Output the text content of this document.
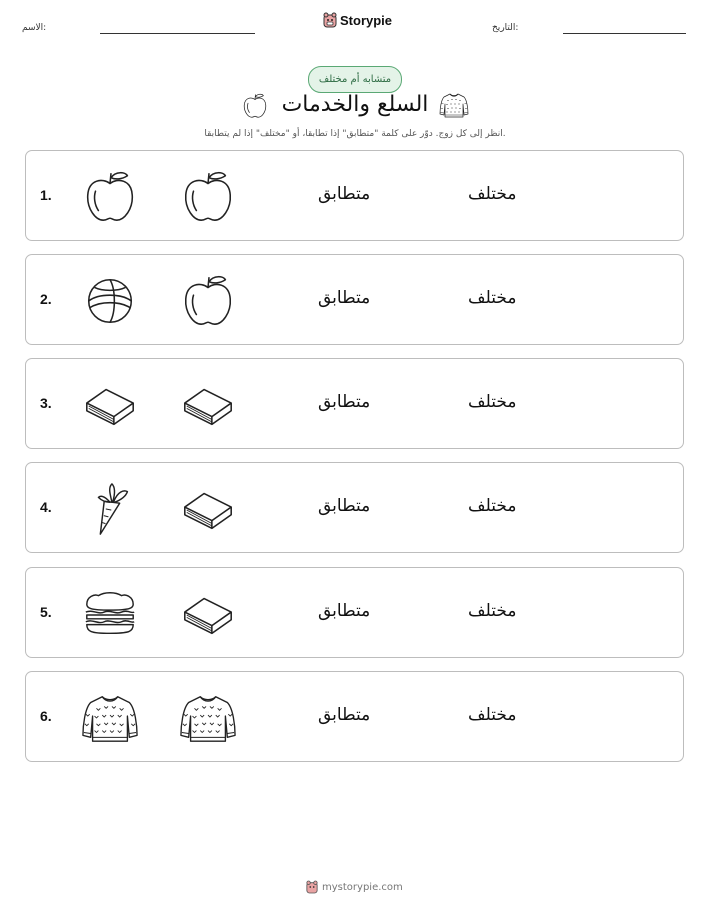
الاسم:
Storypie
التاريخ:
متشابه أم مختلف
السلع والخدمات
انظر إلى كل زوج. دوّر على كلمة "متطابق" إذا تطابقا، أو "مختلف" إذا لم يتطابقا.
1.	متطابق	مختلف
2.	متطابق	مختلف
3.	متطابق	مختلف
4.	متطابق	مختلف
5.	متطابق	مختلف
6.	متطابق	مختلف
mystorypie.com
